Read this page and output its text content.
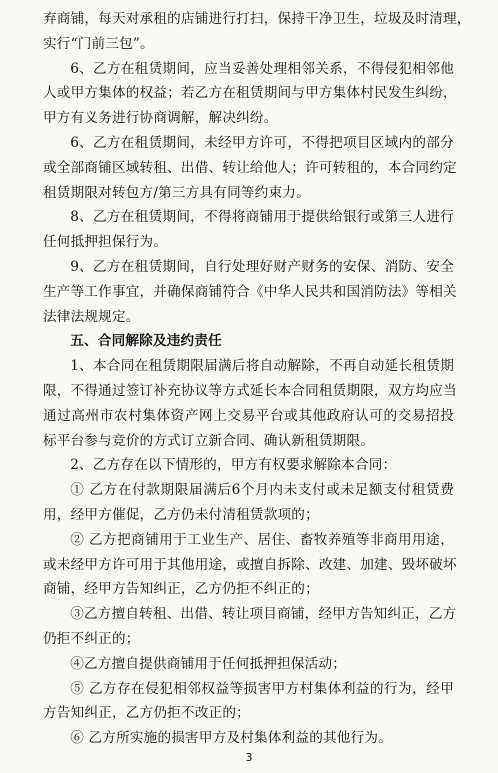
弃商铺，每天对承租的店铺进行打扫，保持干净卫生，垃圾及时清理，
实行“门前三包”。
6、乙方在租赁期间，应当妥善处理相邻关系，不得侵犯相邻他
人或甲方集体的权益；若乙方在租赁期间与甲方集体村民发生纠纷，
甲方有义务进行协商调解，解决纠纷。
6、乙方在租赁期间，未经甲方许可，不得把项目区域内的部分
或全部商铺区域转租、出借、转让给他人；许可转租的，本合同约定
租赁期限对转包方/第三方具有同等约束力。
8、乙方在租赁期间，不得将商铺用于提供给银行或第三人进行
任何抵押担保行为。
9、乙方在租赁期间，自行处理好财产财务的安保、消防、安全
生产等工作事宜，并确保商铺符合《中华人民共和国消防法》等相关
法律法规规定。
五、合同解除及违约责任
1、本合同在租赁期限届满后将自动解除，不再自动延长租赁期
限，不得通过签订补充协议等方式延长本合同租赁期限，双方均应当
通过高州市农村集体资产网上交易平台或其他政府认可的交易招投
标平台参与竞价的方式订立新合同、确认新租赁期限。
2、乙方存在以下情形的，甲方有权要求解除本合同：
① 乙方在付款期限届满后6个月内未支付或未足额支付租赁费
用，经甲方催促，乙方仍未付清租赁款项的；
② 乙方把商铺用于工业生产、居住、畜牧养殖等非商用用途，
或未经甲方许可用于其他用途，或擅自拆除、改建、加建、毁坏破坏
商铺，经甲方告知纠正，乙方仍拒不纠正的；
③乙方擅自转租、出借、转让项目商铺，经甲方告知纠正，乙方
仍拒不纠正的；
④乙方擅自提供商铺用于任何抵押担保活动；
⑤ 乙方存在侵犯相邻权益等损害甲方村集体利益的行为，经甲
方告知纠正，乙方仍拒不改正的；
⑥ 乙方所实施的损害甲方及村集体利益的其他行为。
3
